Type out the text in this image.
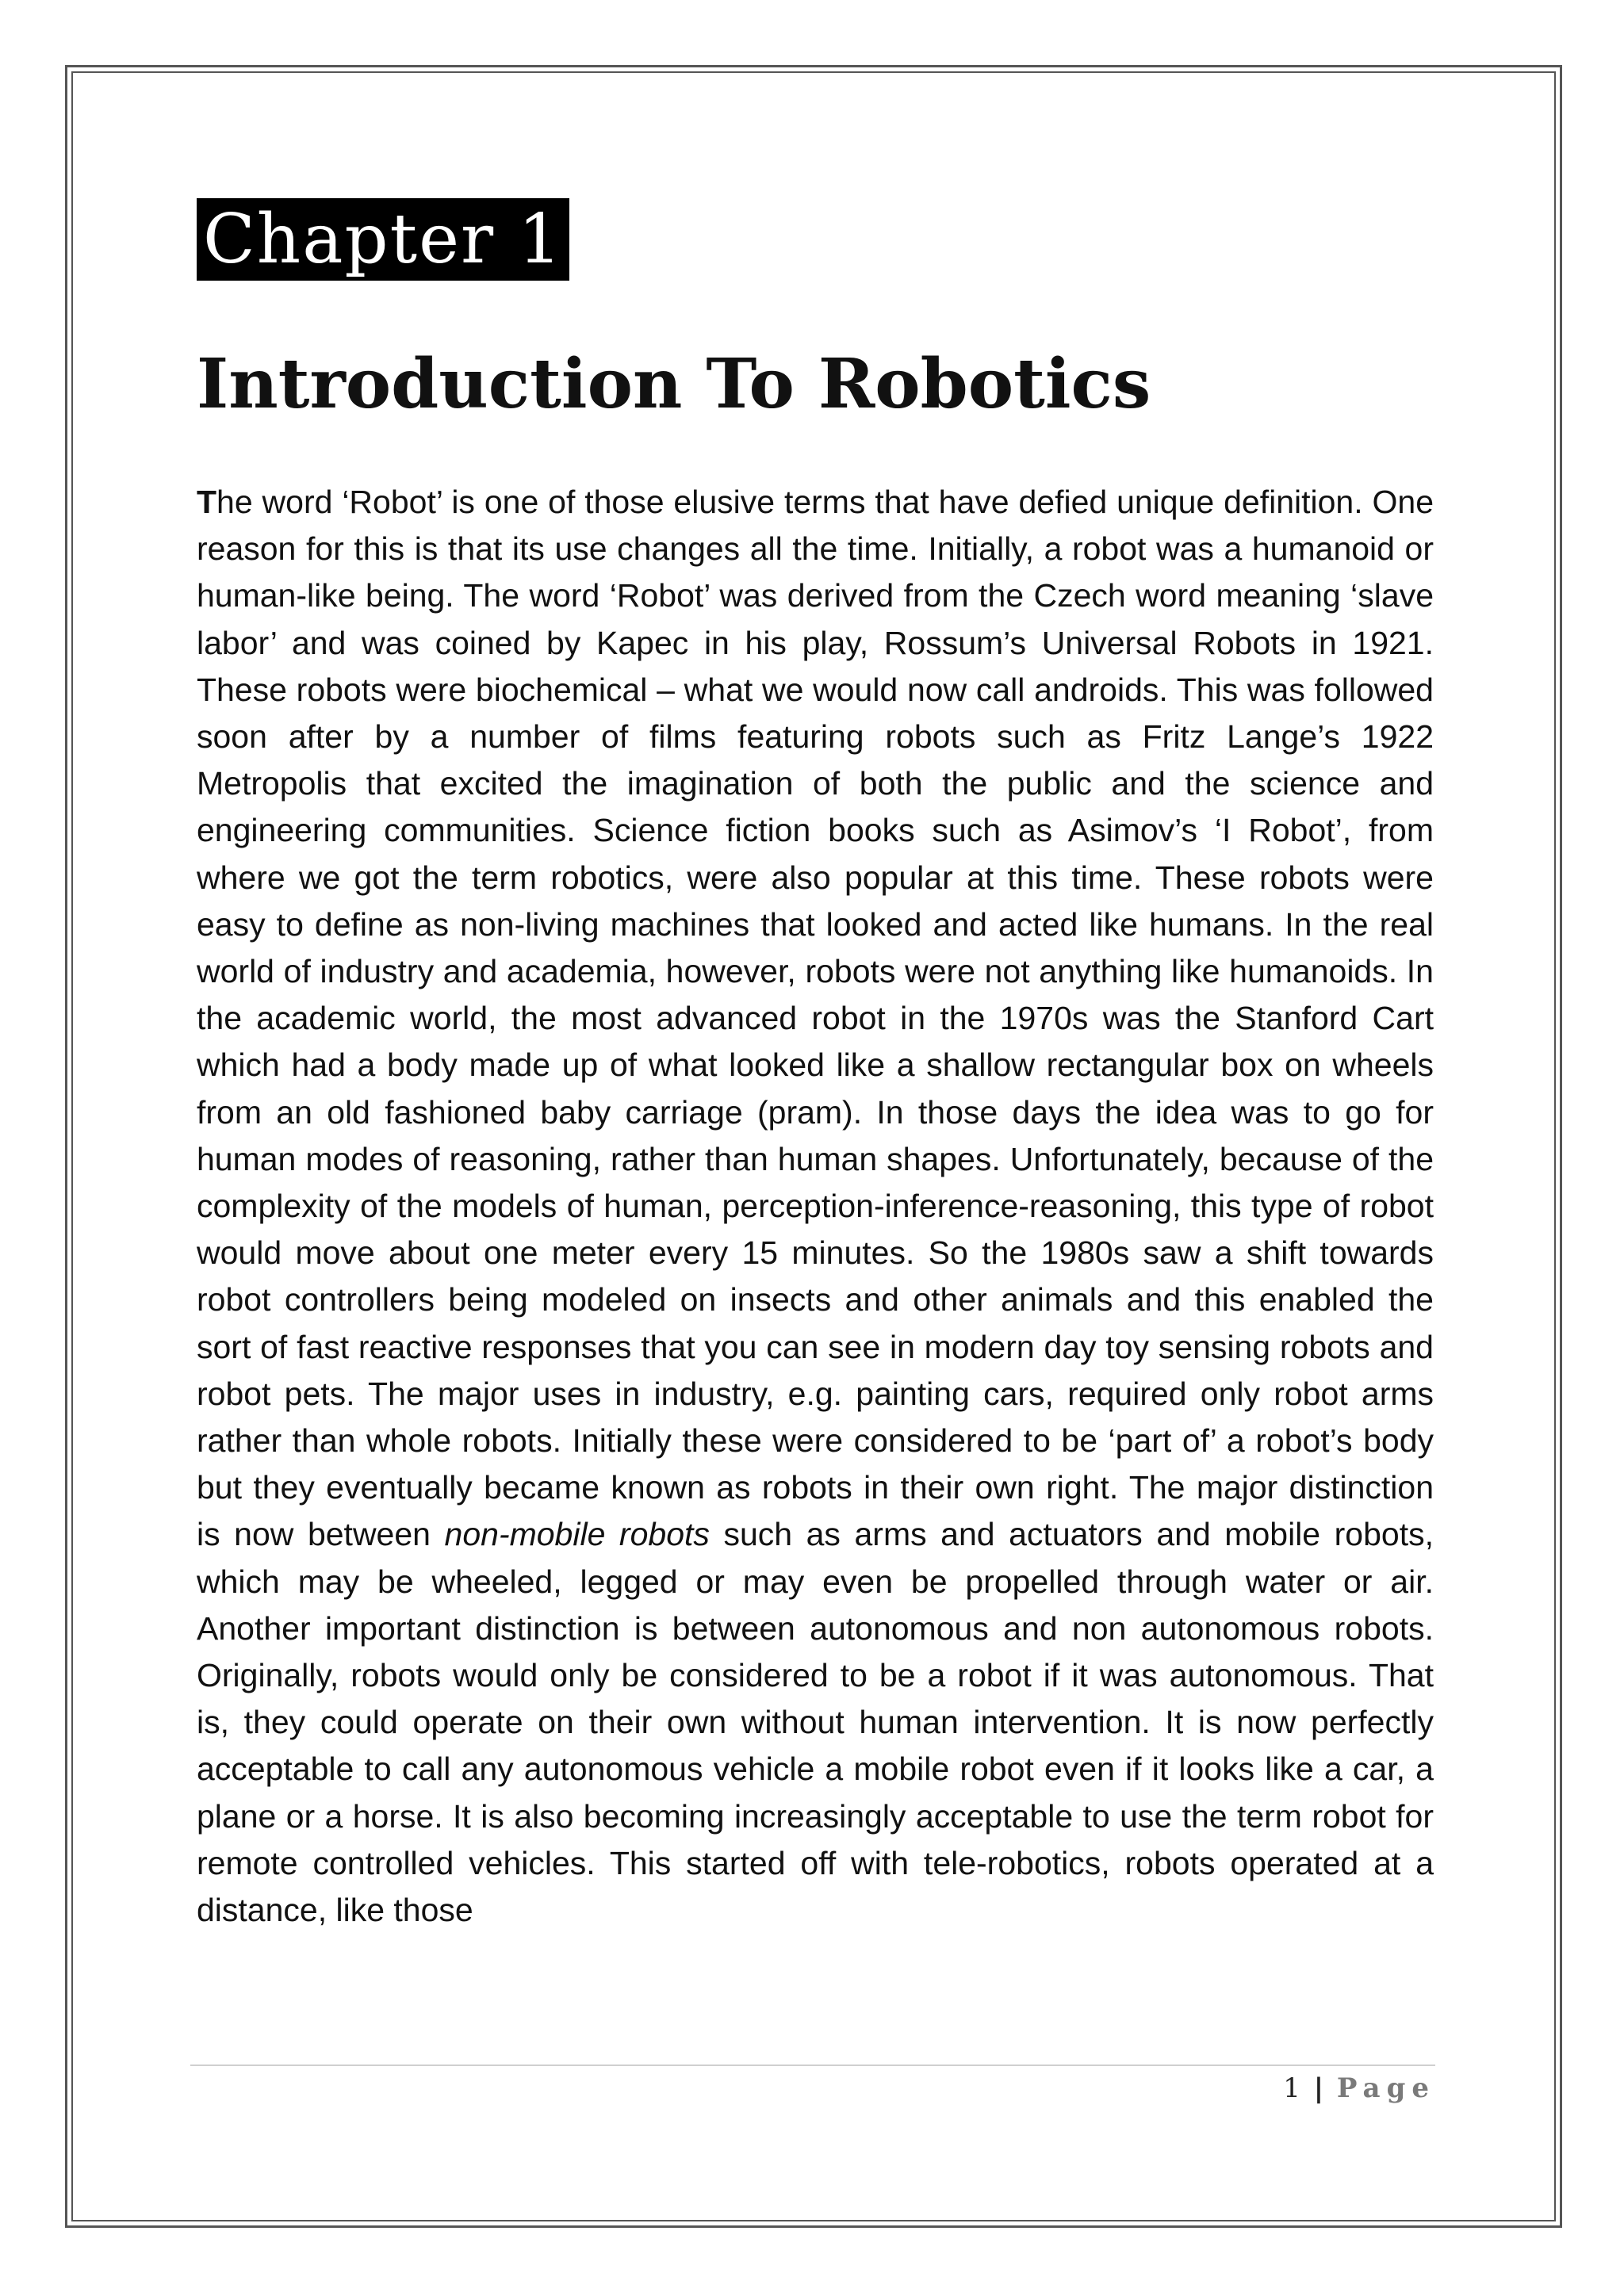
Chapter 1
Introduction To Robotics

The word ‘Robot’ is one of those elusive terms that have defied unique definition. One reason for this is that its use changes all the time. Initially, a robot was a humanoid or human-like being. The word ‘Robot’ was derived from the Czech word meaning ‘slave labor’ and was coined by Kapec in his play, Rossum’s Universal Robots in 1921. These robots were biochemical – what we would now call androids. This was followed soon after by a number of films featuring robots such as Fritz Lange’s 1922 Metropolis that excited the imagination of both the public and the science and engineering communities. Science fiction books such as Asimov’s ‘I Robot’, from where we got the term robotics, were also popular at this time. These robots were easy to define as non-living machines that looked and acted like humans. In the real world of industry and academia, however, robots were not anything like humanoids. In the academic world, the most advanced robot in the 1970s was the Stanford Cart which had a body made up of what looked like a shallow rectangular box on wheels from an old fashioned baby carriage (pram). In those days the idea was to go for human modes of reasoning, rather than human shapes. Unfortunately, because of the complexity of the models of human, perception-inference-reasoning, this type of robot would move about one meter every 15 minutes. So the 1980s saw a shift towards robot controllers being modeled on insects and other animals and this enabled the sort of fast reactive responses that you can see in modern day toy sensing robots and robot pets. The major uses in industry, e.g. painting cars, required only robot arms rather than whole robots. Initially these were considered to be ‘part of’ a robot’s body but they eventually became known as robots in their own right. The major distinction is now between non-mobile robots such as arms and actuators and mobile robots, which may be wheeled, legged or may even be propelled through water or air. Another important distinction is between autonomous and non autonomous robots. Originally, robots would only be considered to be a robot if it was autonomous. That is, they could operate on their own without human intervention. It is now perfectly acceptable to call any autonomous vehicle a mobile robot even if it looks like a car, a plane or a horse. It is also becoming increasingly acceptable to use the term robot for remote controlled vehicles. This started off with tele-robotics, robots operated at a distance, like those

1 | Page
